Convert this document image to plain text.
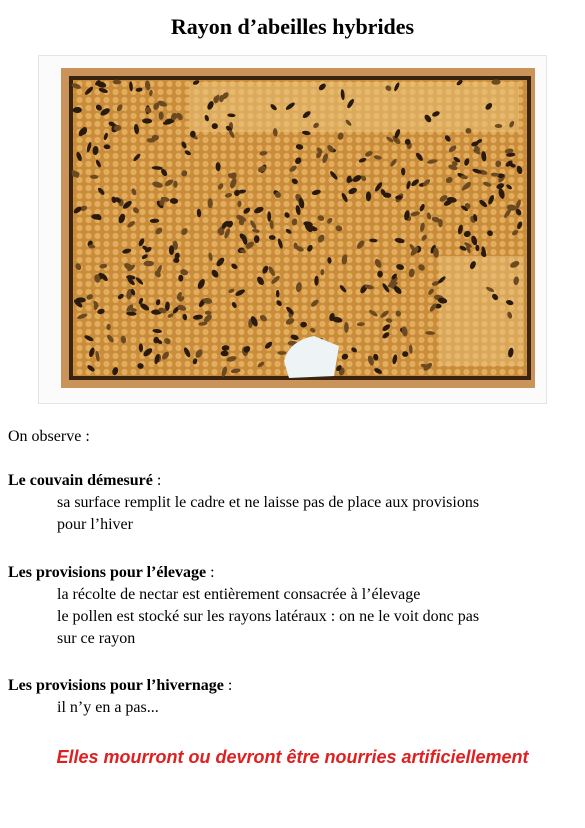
Rayon d’abeilles hybrides

On observe :

Le couvain démesuré :

sa surface remplit le cadre et ne laisse pas de place aux provisions

pour l’hiver

Les provisions pour l’élevage :

la récolte de nectar est entièrement consacrée à l’élevage

le pollen est stocké sur les rayons latéraux : on ne le voit donc pas

sur ce rayon

Les provisions pour l’hivernage :

il n’y en a pas...

Elles mourront ou devront être nourries artificiellement
